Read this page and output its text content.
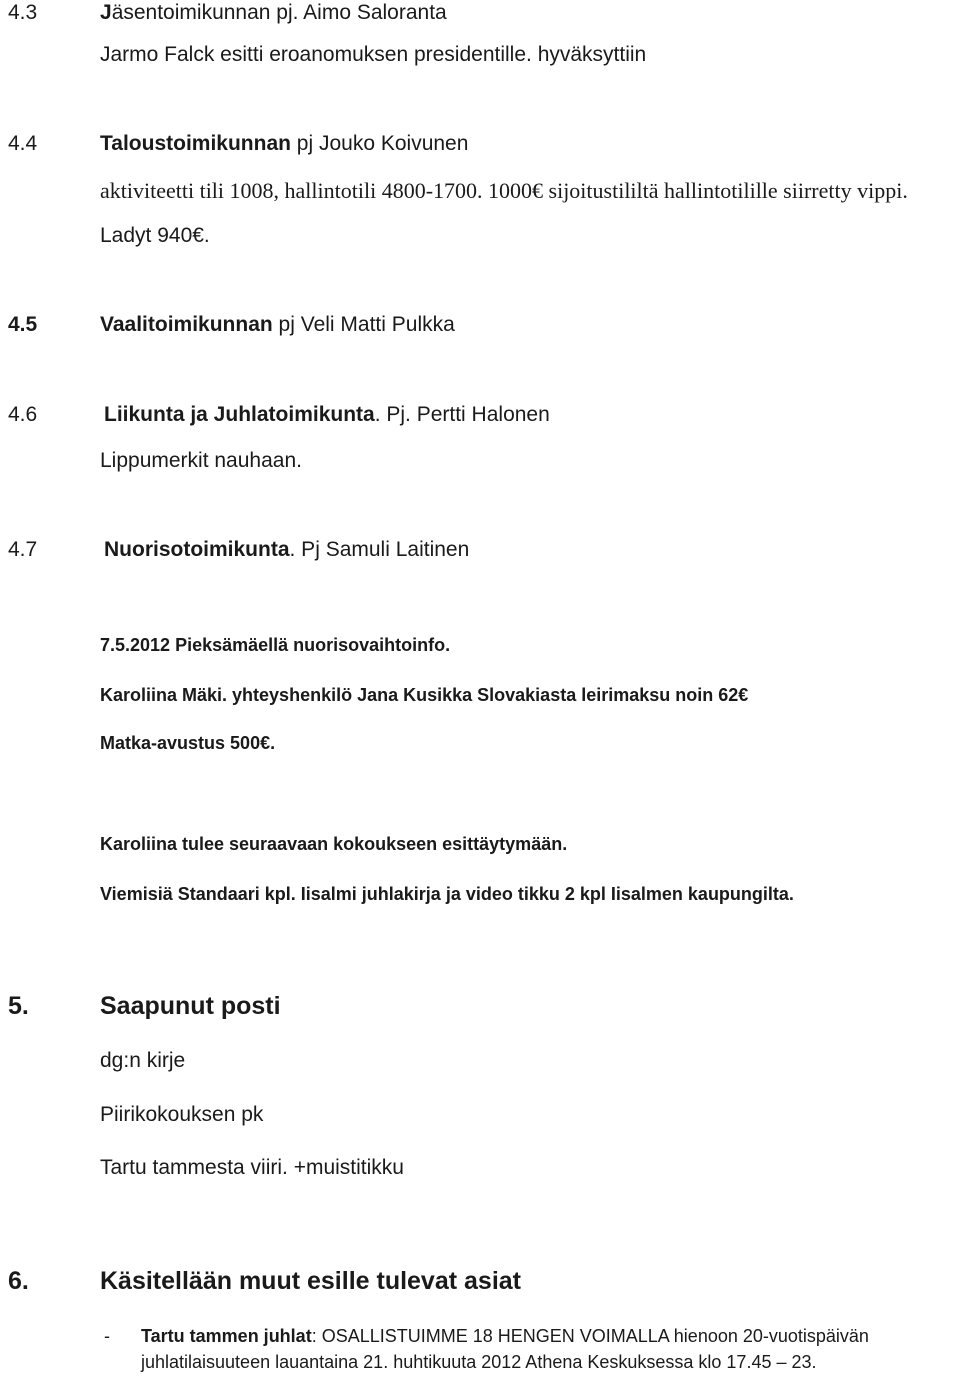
4.3	Jäsentoimikunnan pj. Aimo Saloranta
Jarmo Falck esitti eroanomuksen presidentille. hyväksyttiin
4.4	Taloustoimikunnan pj Jouko Koivunen
aktiviteetti tili 1008, hallintotili 4800-1700. 1000€ sijoitustililtä hallintotilille siirretty vippi.
Ladyt 940€.
4.5	Vaalitoimikunnan pj Veli Matti Pulkka
4.6	Liikunta ja Juhlatoimikunta. Pj. Pertti Halonen
Lippumerkit nauhaan.
4.7	Nuorisotoimikunta. Pj Samuli Laitinen
7.5.2012 Pieksämäellä nuorisovaihtoinfo.
Karoliina Mäki. yhteyshenkilö Jana Kusikka Slovakiasta leirimaksu noin 62€
Matka-avustus 500€.
Karoliina tulee seuraavaan kokoukseen esittäytymään.
Viemisiä Standaari kpl. Iisalmi juhlakirja ja video tikku 2 kpl Iisalmen kaupungilta.
5.	Saapunut posti
dg:n kirje
Piirikokouksen pk
Tartu tammesta viiri. +muistitikku
6.	Käsitellään muut esille tulevat asiat
- Tartu tammen juhlat: OSALLISTUIMME 18 HENGEN VOIMALLA hienoon 20-vuotispäivän
juhlatilaisuuteen lauantaina 21. huhtikuuta 2012 Athena Keskuksessa klo 17.45 – 23.
